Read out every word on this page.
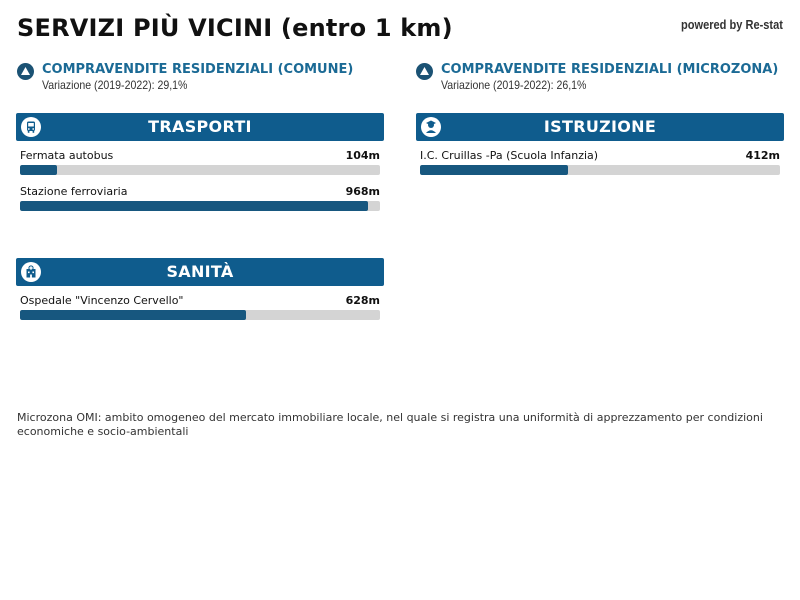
SERVIZI PIÙ VICINI (entro 1 km)	powered by Re-stat
COMPRAVENDITE RESIDENZIALI (COMUNE)
Variazione (2019-2022): 29,1%
COMPRAVENDITE RESIDENZIALI (MICROZONA)
Variazione (2019-2022): 26,1%
TRASPORTI
Fermata autobus	104m
Stazione ferroviaria	968m
ISTRUZIONE
I.C. Cruillas -Pa (Scuola Infanzia)	412m
SANITÀ
Ospedale "Vincenzo Cervello"	628m
Microzona OMI: ambito omogeneo del mercato immobiliare locale, nel quale si registra una uniformità di apprezzamento per condizioni economiche e socio-ambientali
